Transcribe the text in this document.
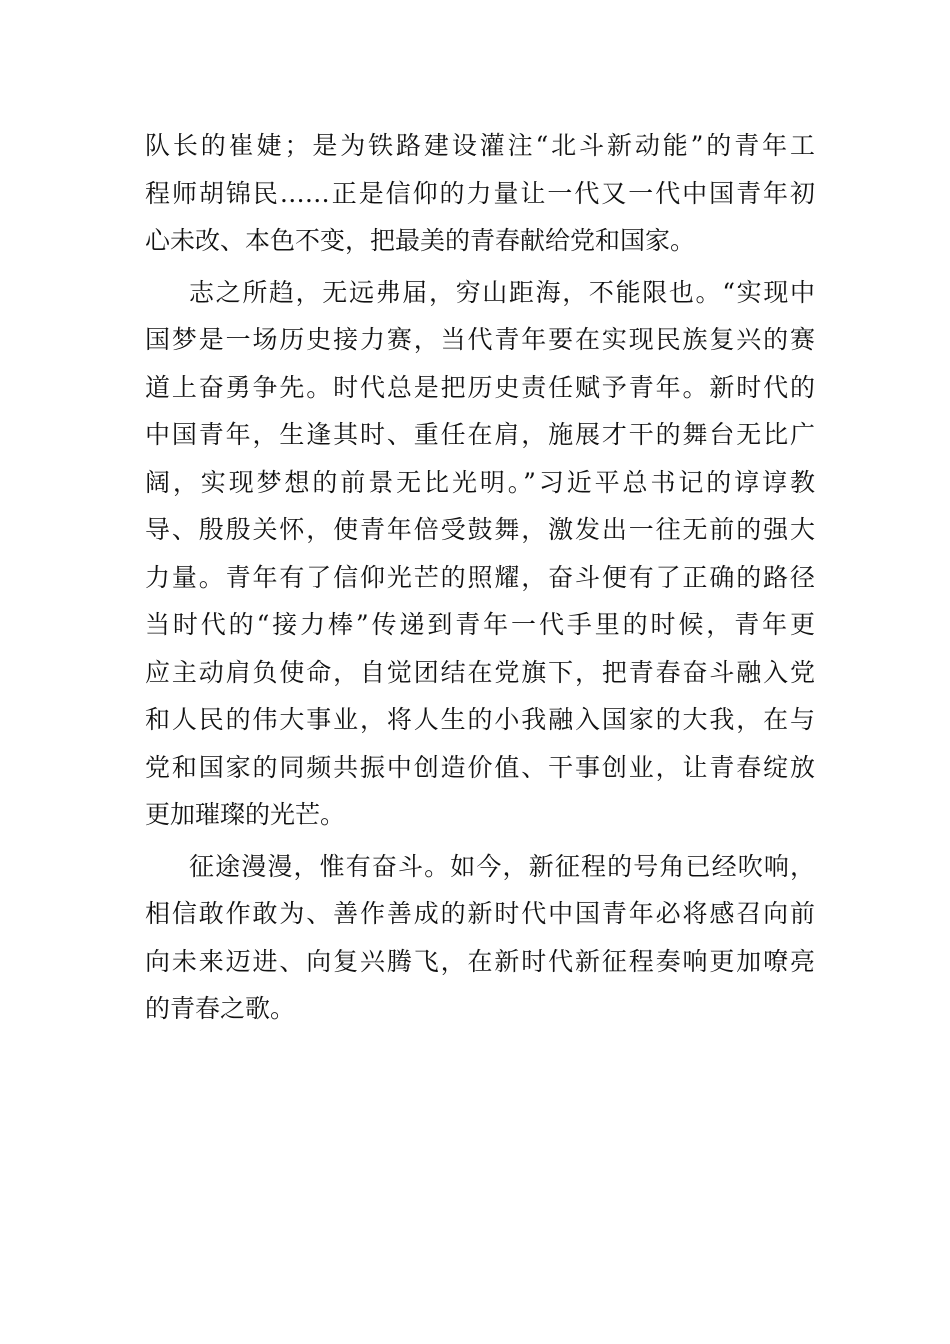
队长的崔婕；是为铁路建设灌注“北斗新动能”的青年工
程师胡锦民……正是信仰的力量让一代又一代中国青年初
心未改、本色不变，把最美的青春献给党和国家。
志之所趋，无远弗届，穷山距海，不能限也。“实现中
国梦是一场历史接力赛，当代青年要在实现民族复兴的赛
道上奋勇争先。时代总是把历史责任赋予青年。新时代的
中国青年，生逢其时、重任在肩，施展才干的舞台无比广
阔，实现梦想的前景无比光明。”习近平总书记的谆谆教
导、殷殷关怀，使青年倍受鼓舞，激发出一往无前的强大
力量。青年有了信仰光芒的照耀，奋斗便有了正确的路径
当时代的“接力棒”传递到青年一代手里的时候，青年更
应主动肩负使命，自觉团结在党旗下，把青春奋斗融入党
和人民的伟大事业，将人生的小我融入国家的大我，在与
党和国家的同频共振中创造价值、干事创业，让青春绽放
更加璀璨的光芒。
征途漫漫，惟有奋斗。如今，新征程的号角已经吹响，
相信敢作敢为、善作善成的新时代中国青年必将感召向前
向未来迈进、向复兴腾飞，在新时代新征程奏响更加嘹亮
的青春之歌。
